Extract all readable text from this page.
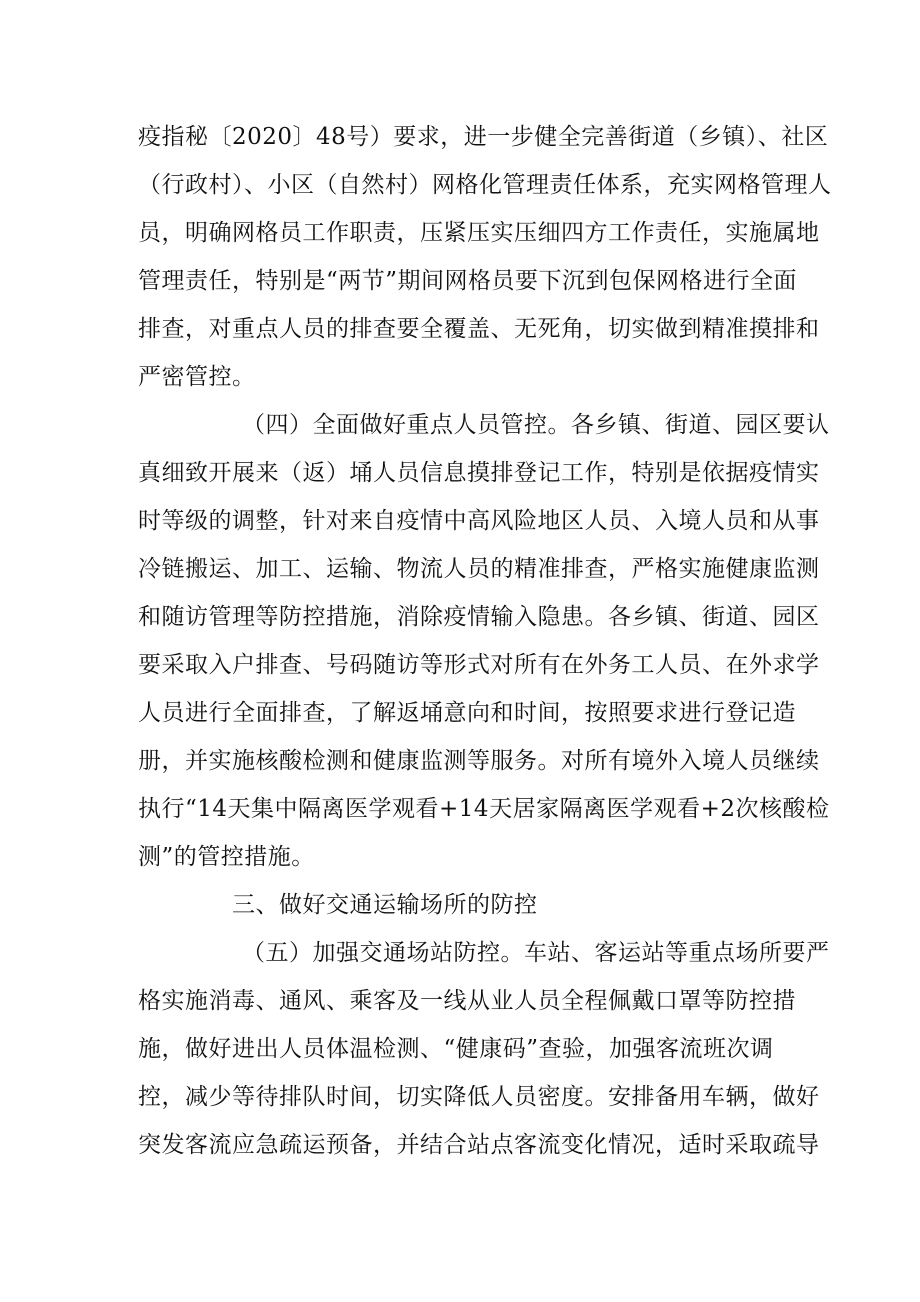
疫指秘〔2020〕48号）要求，进一步健全完善街道（乡镇）、社区
（行政村）、小区（自然村）网格化管理责任体系，充实网格管理人
员，明确网格员工作职责，压紧压实压细四方工作责任，实施属地
管理责任，特别是“两节”期间网格员要下沉到包保网格进行全面
排查，对重点人员的排查要全覆盖、无死角，切实做到精准摸排和
严密管控。
（四）全面做好重点人员管控。各乡镇、街道、园区要认
真细致开展来（返）埇人员信息摸排登记工作，特别是依据疫情实
时等级的调整，针对来自疫情中高风险地区人员、入境人员和从事
冷链搬运、加工、运输、物流人员的精准排查，严格实施健康监测
和随访管理等防控措施，消除疫情输入隐患。各乡镇、街道、园区
要采取入户排查、号码随访等形式对所有在外务工人员、在外求学
人员进行全面排查，了解返埇意向和时间，按照要求进行登记造
册，并实施核酸检测和健康监测等服务。对所有境外入境人员继续
执行“14天集中隔离医学观看+14天居家隔离医学观看+2次核酸检
测”的管控措施。
三、做好交通运输场所的防控
（五）加强交通场站防控。车站、客运站等重点场所要严
格实施消毒、通风、乘客及一线从业人员全程佩戴口罩等防控措
施，做好进出人员体温检测、“健康码”查验，加强客流班次调
控，减少等待排队时间，切实降低人员密度。安排备用车辆，做好
突发客流应急疏运预备，并结合站点客流变化情况，适时采取疏导
